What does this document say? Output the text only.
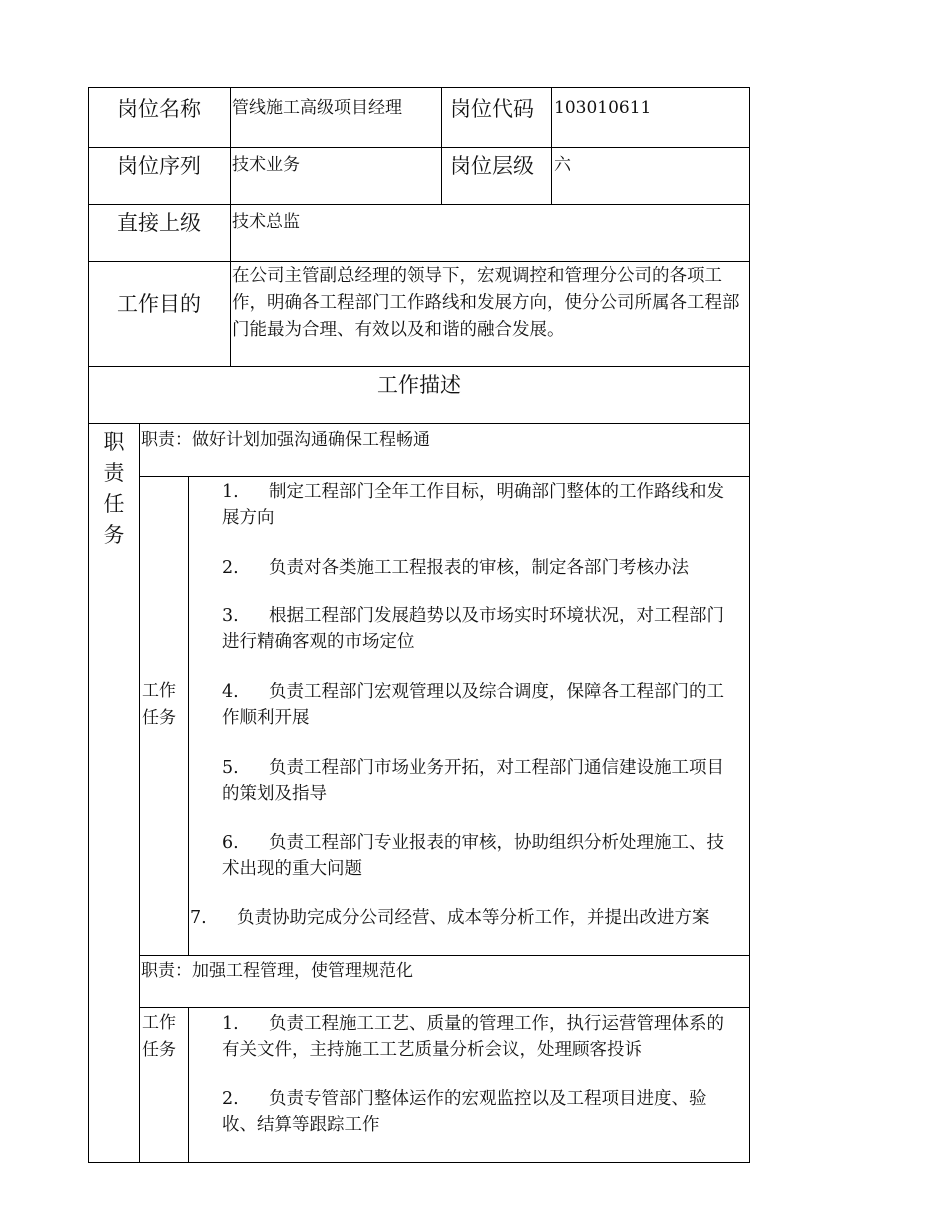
岗位名称 管线施工高级项目经理 岗位代码 103010611
岗位序列 技术业务	岗位层级 六
直接上级 技术总监
工作目的
在公司主管副总经理的领导下，宏观调控和管理分公司的各项工作，明确各工程部门工作路线和发展方向，使分公司所属各工程部门能最为合理、有效以及和谐的融合发展。
工作描述
职
责
任
务
职责：做好计划加强沟通确保工程畅通
工作任务
1. 制定工程部门全年工作目标，明确部门整体的工作路线和发展方向
2. 负责对各类施工工程报表的审核，制定各部门考核办法
3. 根据工程部门发展趋势以及市场实时环境状况，对工程部门进行精确客观的市场定位
4. 负责工程部门宏观管理以及综合调度，保障各工程部门的工作顺利开展
5. 负责工程部门市场业务开拓，对工程部门通信建设施工项目的策划及指导
6. 负责工程部门专业报表的审核，协助组织分析处理施工、技术出现的重大问题
7. 负责协助完成分公司经营、成本等分析工作，并提出改进方案
职责：加强工程管理，使管理规范化
工作任务
1. 负责工程施工工艺、质量的管理工作，执行运营管理体系的有关文件，主持施工工艺质量分析会议，处理顾客投诉
2. 负责专管部门整体运作的宏观监控以及工程项目进度、验收、结算等跟踪工作
